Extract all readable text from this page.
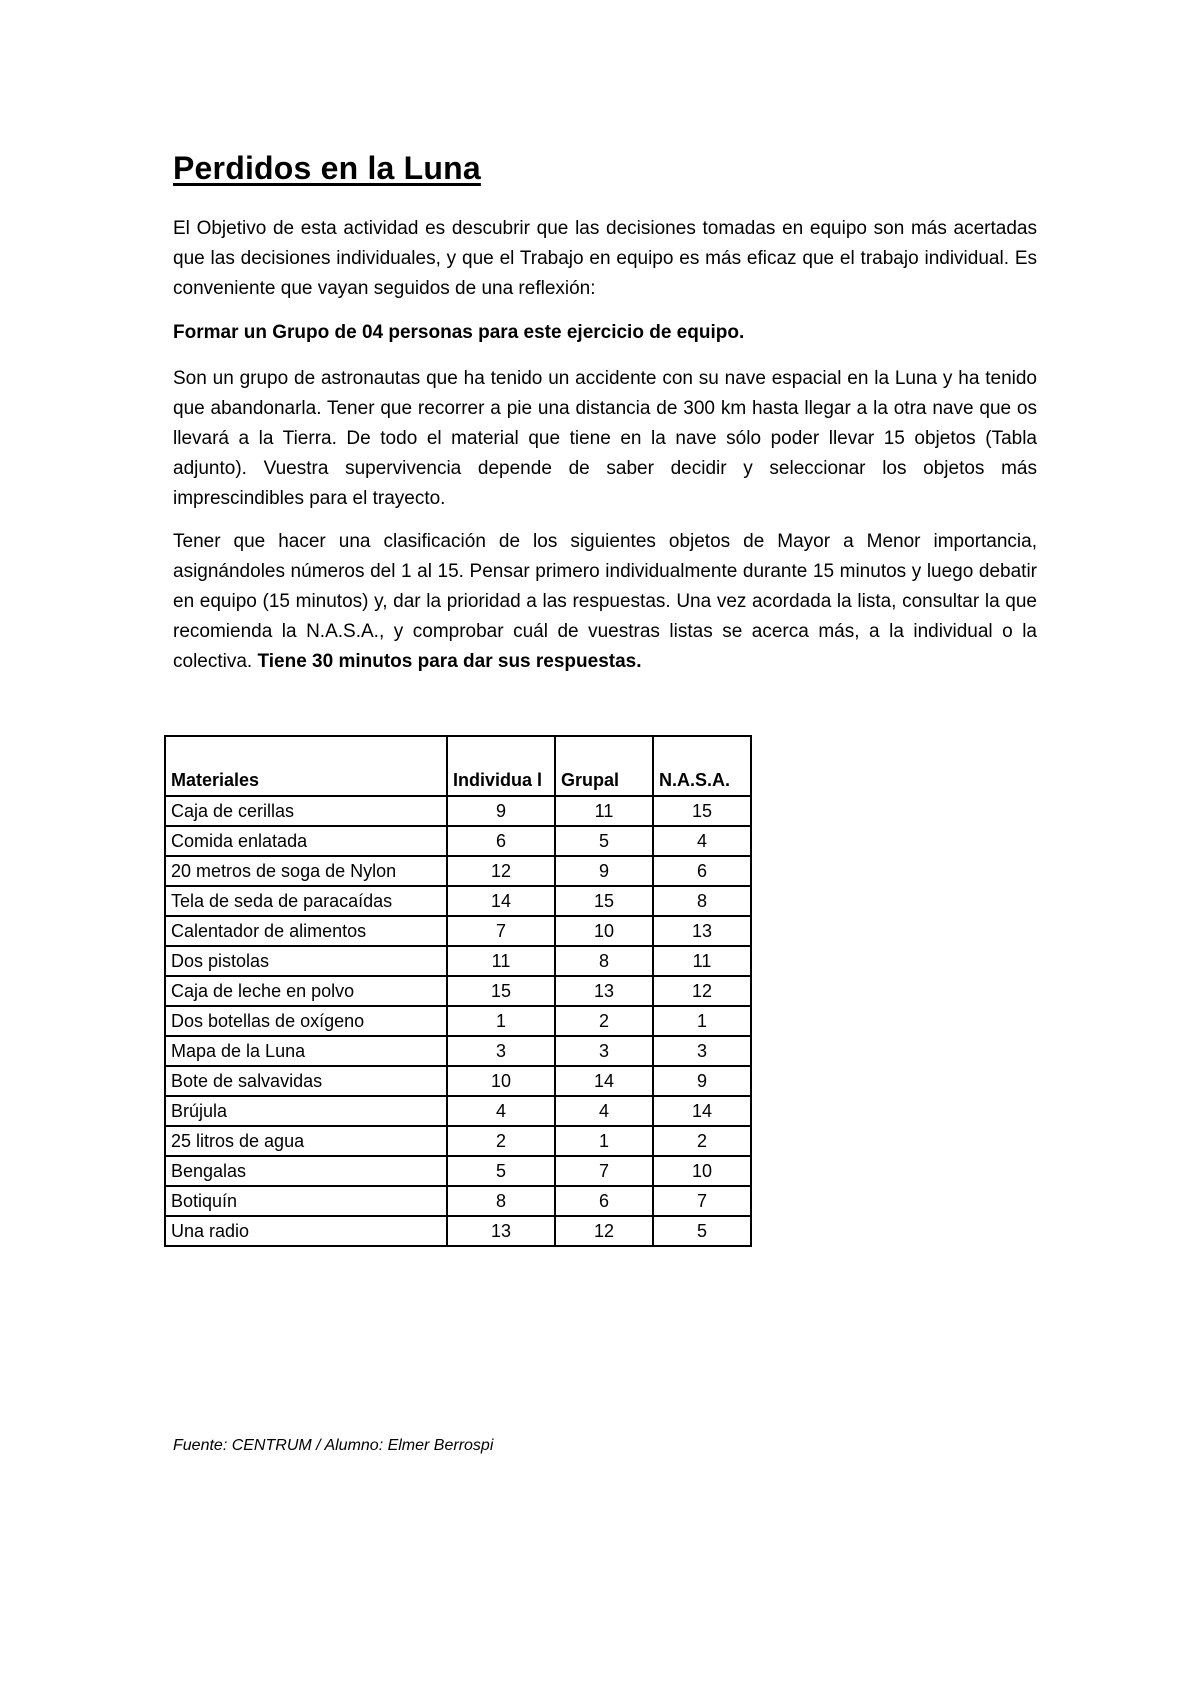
Perdidos en la Luna

El Objetivo de esta actividad es descubrir que las decisiones tomadas en equipo son más acertadas que las decisiones individuales, y que el Trabajo en equipo es más eficaz que el trabajo individual. Es conveniente que vayan seguidos de una reflexión:

Formar un Grupo de 04 personas para este ejercicio de equipo.

Son un grupo de astronautas que ha tenido un accidente con su nave espacial en la Luna y ha tenido que abandonarla. Tener que recorrer a pie una distancia de 300 km hasta llegar a la otra nave que os llevará a la Tierra. De todo el material que tiene en la nave sólo poder llevar 15 objetos (Tabla adjunto). Vuestra supervivencia depende de saber decidir y seleccionar los objetos más imprescindibles para el trayecto.

Tener que hacer una clasificación de los siguientes objetos de Mayor a Menor importancia, asignándoles números del 1 al 15. Pensar primero individualmente durante 15 minutos y luego debatir en equipo (15 minutos) y, dar la prioridad a las respuestas. Una vez acordada la lista, consultar la que recomienda la N.A.S.A., y comprobar cuál de vuestras listas se acerca más, a la individual o la colectiva. Tiene 30 minutos para dar sus respuestas.

Materiales	Individua l	Grupal	N.A.S.A.
Caja de cerillas	9	11	15
Comida enlatada	6	5	4
20 metros de soga de Nylon	12	9	6
Tela de seda de paracaídas	14	15	8
Calentador de alimentos	7	10	13
Dos pistolas	11	8	11
Caja de leche en polvo	15	13	12
Dos botellas de oxígeno	1	2	1
Mapa de la Luna	3	3	3
Bote de salvavidas	10	14	9
Brújula	4	4	14
25 litros de agua	2	1	2
Bengalas	5	7	10
Botiquín	8	6	7
Una radio	13	12	5

Fuente: CENTRUM / Alumno: Elmer Berrospi
